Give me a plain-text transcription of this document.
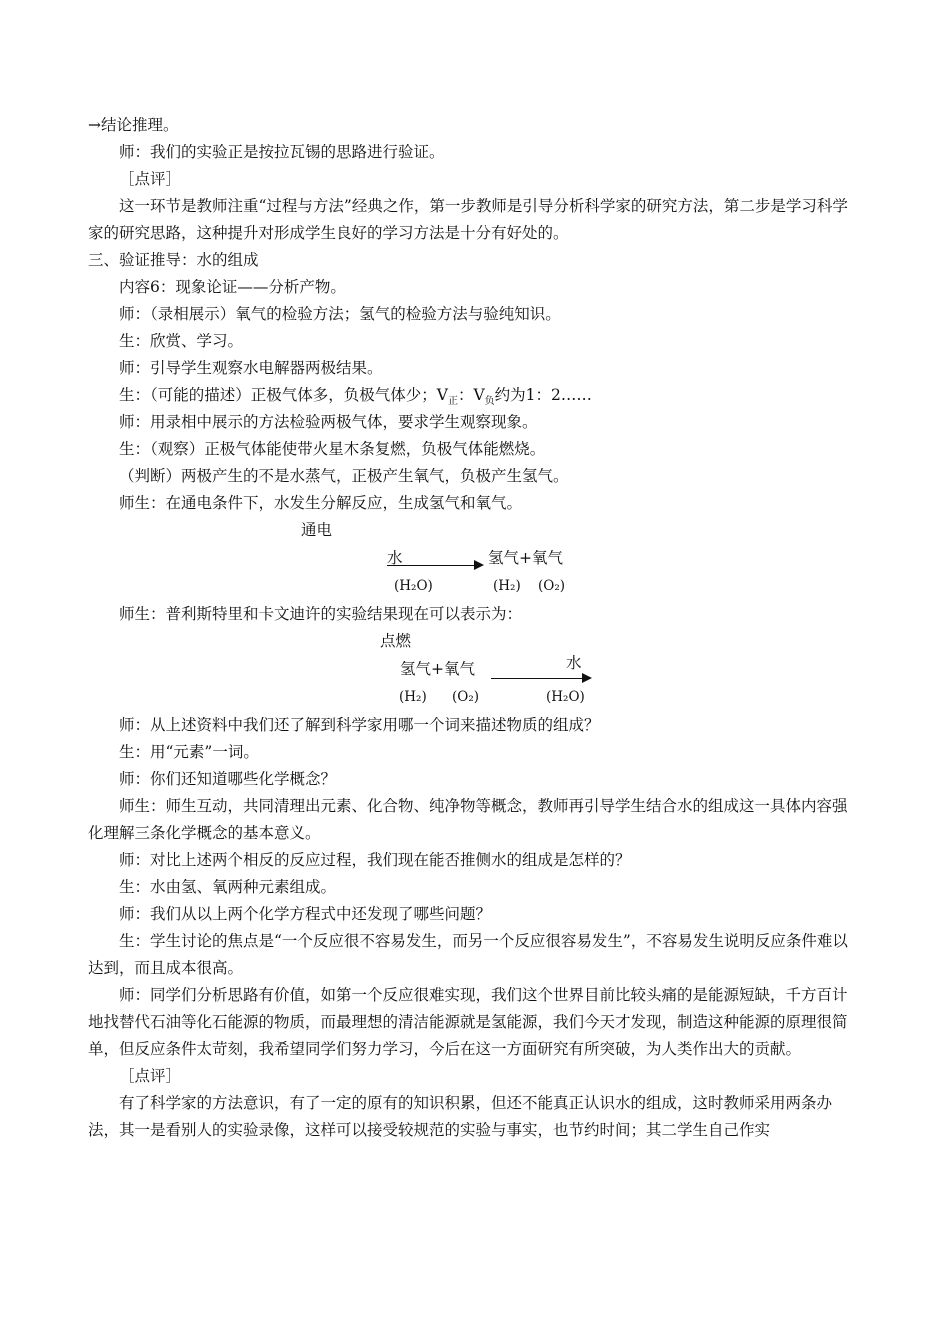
→结论推理。
师：我们的实验正是按拉瓦锡的思路进行验证。
［点评］
这一环节是教师注重“过程与方法”经典之作，第一步教师是引导分析科学家的研究方法，第二步是学习科学家的研究思路，这种提升对形成学生良好的学习方法是十分有好处的。
三、验证推导：水的组成
内容6：现象论证——分析产物。
师：（录相展示）氧气的检验方法；氢气的检验方法与验纯知识。
生：欣赏、学习。
师：引导学生观察水电解器两极结果。
生：（可能的描述）正极气体多，负极气体少；$V_正$：$V_负$约为1：2……
师：用录相中展示的方法检验两极气体，要求学生观察现象。
生：（观察）正极气体能使带火星木条复燃，负极气体能燃烧。
（判断）两极产生的不是水蒸气，正极产生氧气，负极产生氢气。
师生：在通电条件下，水发生分解反应，生成氢气和氧气。
通电
水	氢气+氧气
(H₂O)	(H₂) (O₂)
师生：普利斯特里和卡文迪许的实验结果现在可以表示为：
点燃
氢气+氧气	水
(H₂) (O₂)	(H₂O)
师：从上述资料中我们还了解到科学家用哪一个词来描述物质的组成？
生：用“元素”一词。
师：你们还知道哪些化学概念？
师生：师生互动，共同清理出元素、化合物、纯净物等概念，教师再引导学生结合水的组成这一具体内容强化理解三条化学概念的基本意义。
师：对比上述两个相反的反应过程，我们现在能否推侧水的组成是怎样的？
生：水由氢、氧两种元素组成。
师：我们从以上两个化学方程式中还发现了哪些问题？
生：学生讨论的焦点是“一个反应很不容易发生，而另一个反应很容易发生”，不容易发生说明反应条件难以达到，而且成本很高。
师：同学们分析思路有价值，如第一个反应很难实现，我们这个世界目前比较头痛的是能源短缺，千方百计地找替代石油等化石能源的物质，而最理想的清洁能源就是氢能源，我们今天才发现，制造这种能源的原理很简单，但反应条件太苛刻，我希望同学们努力学习，今后在这一方面研究有所突破，为人类作出大的贡献。
［点评］
有了科学家的方法意识，有了一定的原有的知识积累，但还不能真正认识水的组成，这时教师采用两条办法，其一是看别人的实验录像，这样可以接受较规范的实验与事实，也节约时间；其二学生自己作实
